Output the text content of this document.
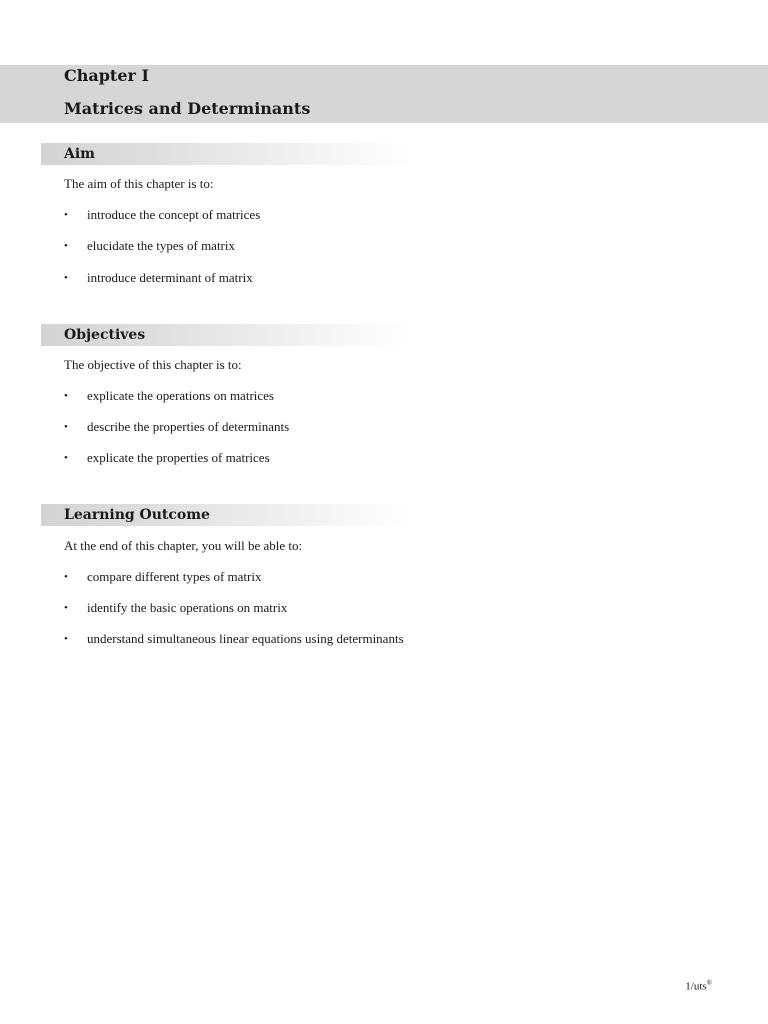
Chapter I
Matrices and Determinants
Aim
The aim of this chapter is to:
• introduce the concept of matrices
• elucidate the types of matrix
• introduce determinant of matrix
Objectives
The objective of this chapter is to:
• explicate the operations on matrices
• describe the properties of determinants
• explicate the properties of matrices
Learning Outcome
At the end of this chapter, you will be able to:
• compare different types of matrix
• identify the basic operations on matrix
• understand simultaneous linear equations using determinants
1/uts®
